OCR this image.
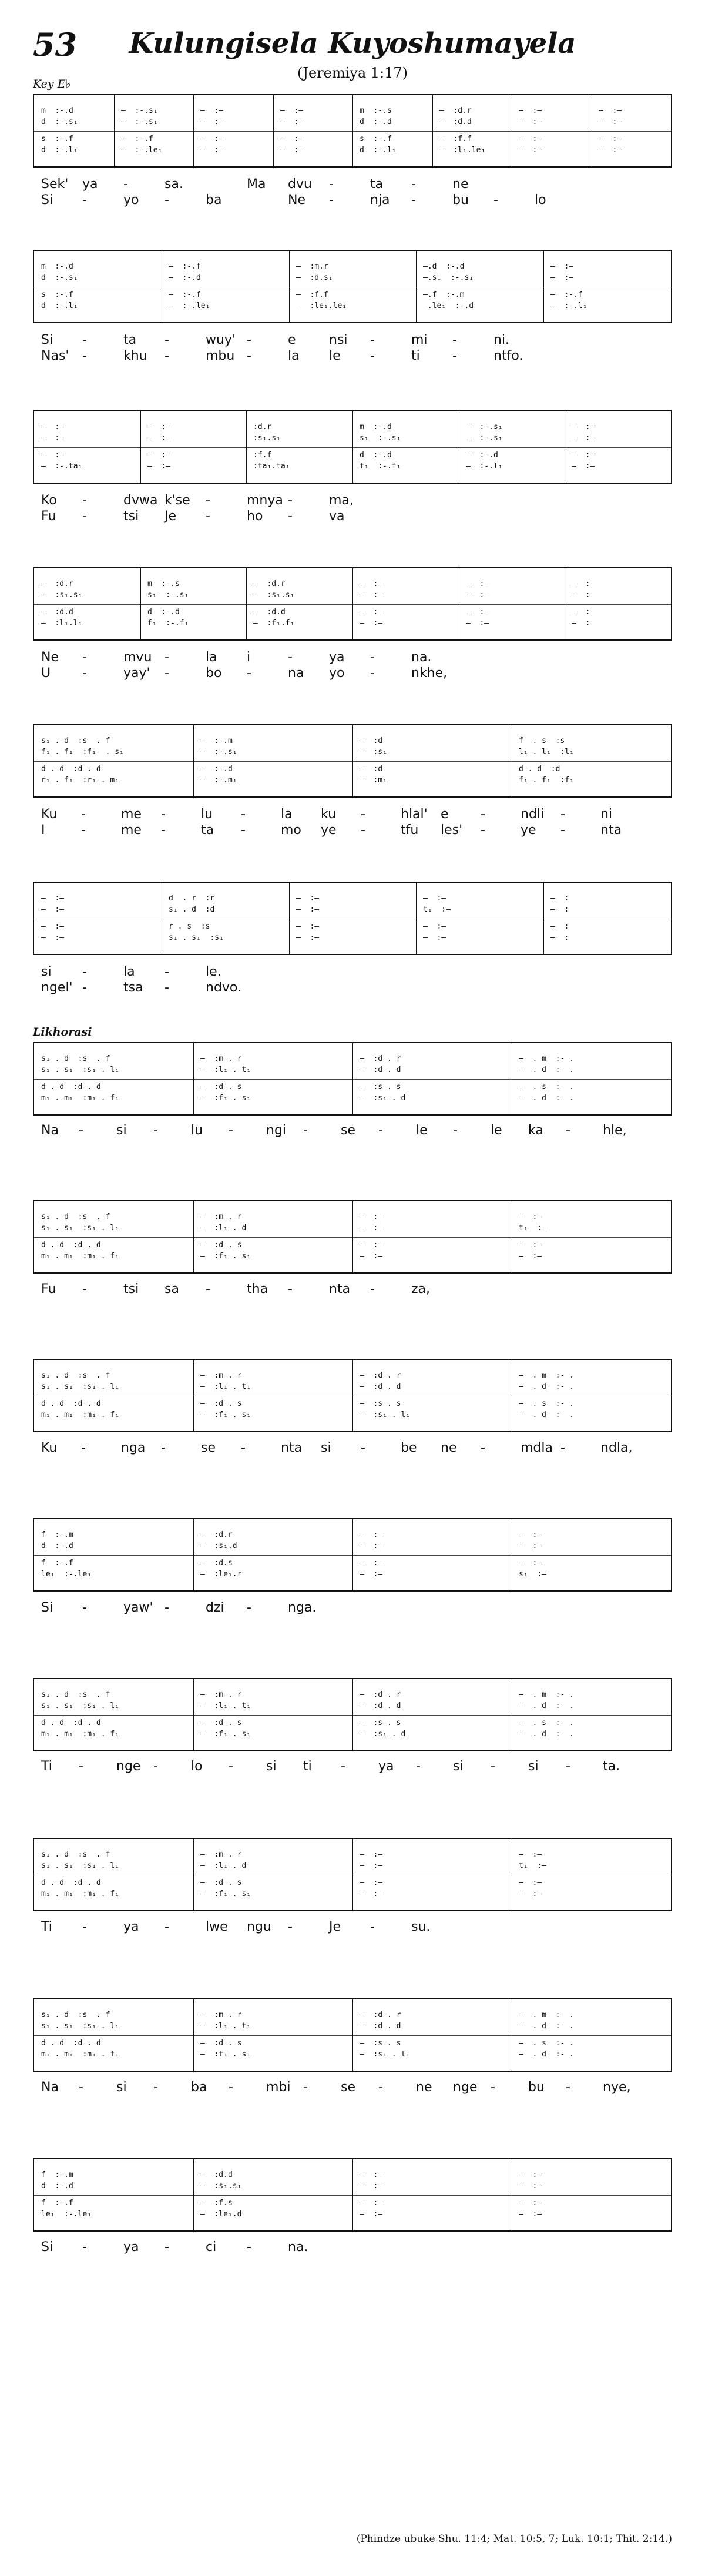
53	Kulungisela Kuyoshumayela
(Jeremiya 1:17)
Key E♭
Likhorasi
m  :-.d	—  :-.s₁	—  :—	—  :—	m  :-.s	—  :d.r	—  :—	—  :—
d  :-.s₁	—  :-.s₁	—  :—	—  :—	d  :-.d	—  :d.d	—  :—	—  :—
s  :-.f	—  :-.f	—  :—	—  :—	s  :-.f	—  :f.f	—  :—	—  :—
d  :-.l₁	—  :-.le₁	—  :—	—  :—	d  :-.l₁	—  :l₁.le₁	—  :—	—  :—
Sek' ya -	sa.	Ma dvu -	ta -	ne
Si -	yo -	ba	Ne -	nja -	bu -	lo
m  :-.d	—  :-.f	—  :m.r	—.d  :-.d	—  :—
d  :-.s₁	—  :-.d	—  :d.s₁	—.s₁  :-.s₁	—  :—
s  :-.f	—  :-.f	—  :f.f	—.f  :-.m	—  :-.f
d  :-.l₁	—  :-.le₁	—  :le₁.le₁	—.le₁  :-.d	—  :-.l₁
Si -	ta -	wuy' -	e	nsi -	mi -	ni.
Nas' -	khu -	mbu -	la le -	ti	-	ntfo.
—  :—	—  :—	:d.r	m  :-.d	—  :-.s₁	—  :—
—  :—	—  :—	:s₁.s₁	s₁  :-.s₁	—  :-.s₁	—  :—
—  :—	—  :—	:f.f	d  :-.d	—  :-.d	—  :—
—  :-.ta₁	—  :—	:ta₁.ta₁	f₁  :-.f₁	—  :-.l₁	—  :—
Ko -	dvwa k'se -	mnya -	ma,
Fu -	tsi Je -	ho -	va
—  :d.r	m  :-.s	—  :d.r	—  :—	—  :—	—  :
—  :s₁.s₁	s₁  :-.s₁	—  :s₁.s₁	—  :—	—  :—	—  :
—  :d.d	d  :-.d	—  :d.d	—  :—	—  :—	—  :
—  :l₁.l₁	f₁  :-.f₁	—  :f₁.f₁	—  :—	—  :—	—  :
Ne -	mvu -	la i	-	ya -	na.
U -	yay' -	bo -	na yo -	nkhe,
s₁ . d  :s  . f	—  :-.m	—  :d	f  . s  :s
f₁ . f₁  :f₁  . s₁	—  :-.s₁	—  :s₁	l₁ . l₁  :l₁
d . d  :d . d	—  :-.d	—  :d	d . d  :d
r₁ . f₁  :r₁ . m₁	—  :-.m₁	—  :m₁	f₁ . f₁  :f₁
Ku -	me -	lu -	la ku -	hlal' e -	ndli -	ni
I	-	me -	ta -	mo ye -	tfu les' -	ye -	nta
—  :—	d  . r  :r	—  :—	—  :—	—  :
—  :—	s₁ . d  :d	—  :—	t₁  :—	—  :
—  :—	r . s  :s	—  :—	—  :—	—  :
—  :—	s₁ . s₁  :s₁	—  :—	—  :—	—  :
si -	la -	le.
ngel' -	tsa -	ndvo.
s₁ . d  :s  . f	—  :m . r	—  :d . r	—  . m  :- .
s₁ . s₁  :s₁ . l₁	—  :l₁ . t₁	—  :d . d	—  . d  :- .
d . d  :d . d	—  :d . s	—  :s . s	—  . s  :- .
m₁ . m₁  :m₁ . f₁	—  :f₁ . s₁	—  :s₁ . d	—  . d  :- .
Na -	si -	lu -	ngi -	se -	le -	le ka -	hle,
s₁ . d  :s  . f	—  :m . r	—  :—	—  :—
s₁ . s₁  :s₁ . l₁	—  :l₁ . d	—  :—	t₁  :—
d . d  :d . d	—  :d . s	—  :—	—  :—
m₁ . m₁  :m₁ . f₁	—  :f₁ . s₁	—  :—	—  :—
Fu -	tsi sa -	tha -	nta -	za,
s₁ . d  :s  . f	—  :m . r	—  :d . r	—  . m  :- .
s₁ . s₁  :s₁ . l₁	—  :l₁ . t₁	—  :d . d	—  . d  :- .
d . d  :d . d	—  :d . s	—  :s . s	—  . s  :- .
m₁ . m₁  :m₁ . f₁	—  :f₁ . s₁	—  :s₁ . l₁	—  . d  :- .
Ku -	nga -	se -	nta si -	be ne -	mdla -	ndla,
f  :-.m	—  :d.r	—  :—	—  :—
d  :-.d	—  :s₁.d	—  :—	—  :—
f  :-.f	—  :d.s	—  :—	—  :—
le₁  :-.le₁	—  :le₁.r	—  :—	s₁  :—
Si -	yaw' -	dzi -	nga.
s₁ . d  :s  . f	—  :m . r	—  :d . r	—  . m  :- .
s₁ . s₁  :s₁ . l₁	—  :l₁ . t₁	—  :d . d	—  . d  :- .
d . d  :d . d	—  :d . s	—  :s . s	—  . s  :- .
m₁ . m₁  :m₁ . f₁	—  :f₁ . s₁	—  :s₁ . d	—  . d  :- .
Ti -	nge -	lo -	si ti -	ya -	si -	si -	ta.
s₁ . d  :s  . f	—  :m . r	—  :—	—  :—
s₁ . s₁  :s₁ . l₁	—  :l₁ . d	—  :—	t₁  :—
d . d  :d . d	—  :d . s	—  :—	—  :—
m₁ . m₁  :m₁ . f₁	—  :f₁ . s₁	—  :—	—  :—
Ti -	ya -	lwe ngu -	Je -	su.
s₁ . d  :s  . f	—  :m . r	—  :d . r	—  . m  :- .
s₁ . s₁  :s₁ . l₁	—  :l₁ . t₁	—  :d . d	—  . d  :- .
d . d  :d . d	—  :d . s	—  :s . s	—  . s  :- .
m₁ . m₁  :m₁ . f₁	—  :f₁ . s₁	—  :s₁ . l₁	—  . d  :- .
Na -	si -	ba -	mbi -	se -	ne nge -	bu -	nye,
f  :-.m	—  :d.d	—  :—	—  :—
d  :-.d	—  :s₁.s₁	—  :—	—  :—
f  :-.f	—  :f.s	—  :—	—  :—
le₁  :-.le₁	—  :le₁.d	—  :—	—  :—
Si -	ya -	ci -	na.
(Phindze ubuke Shu. 11:4; Mat. 10:5, 7; Luk. 10:1; Thit. 2:14.)
